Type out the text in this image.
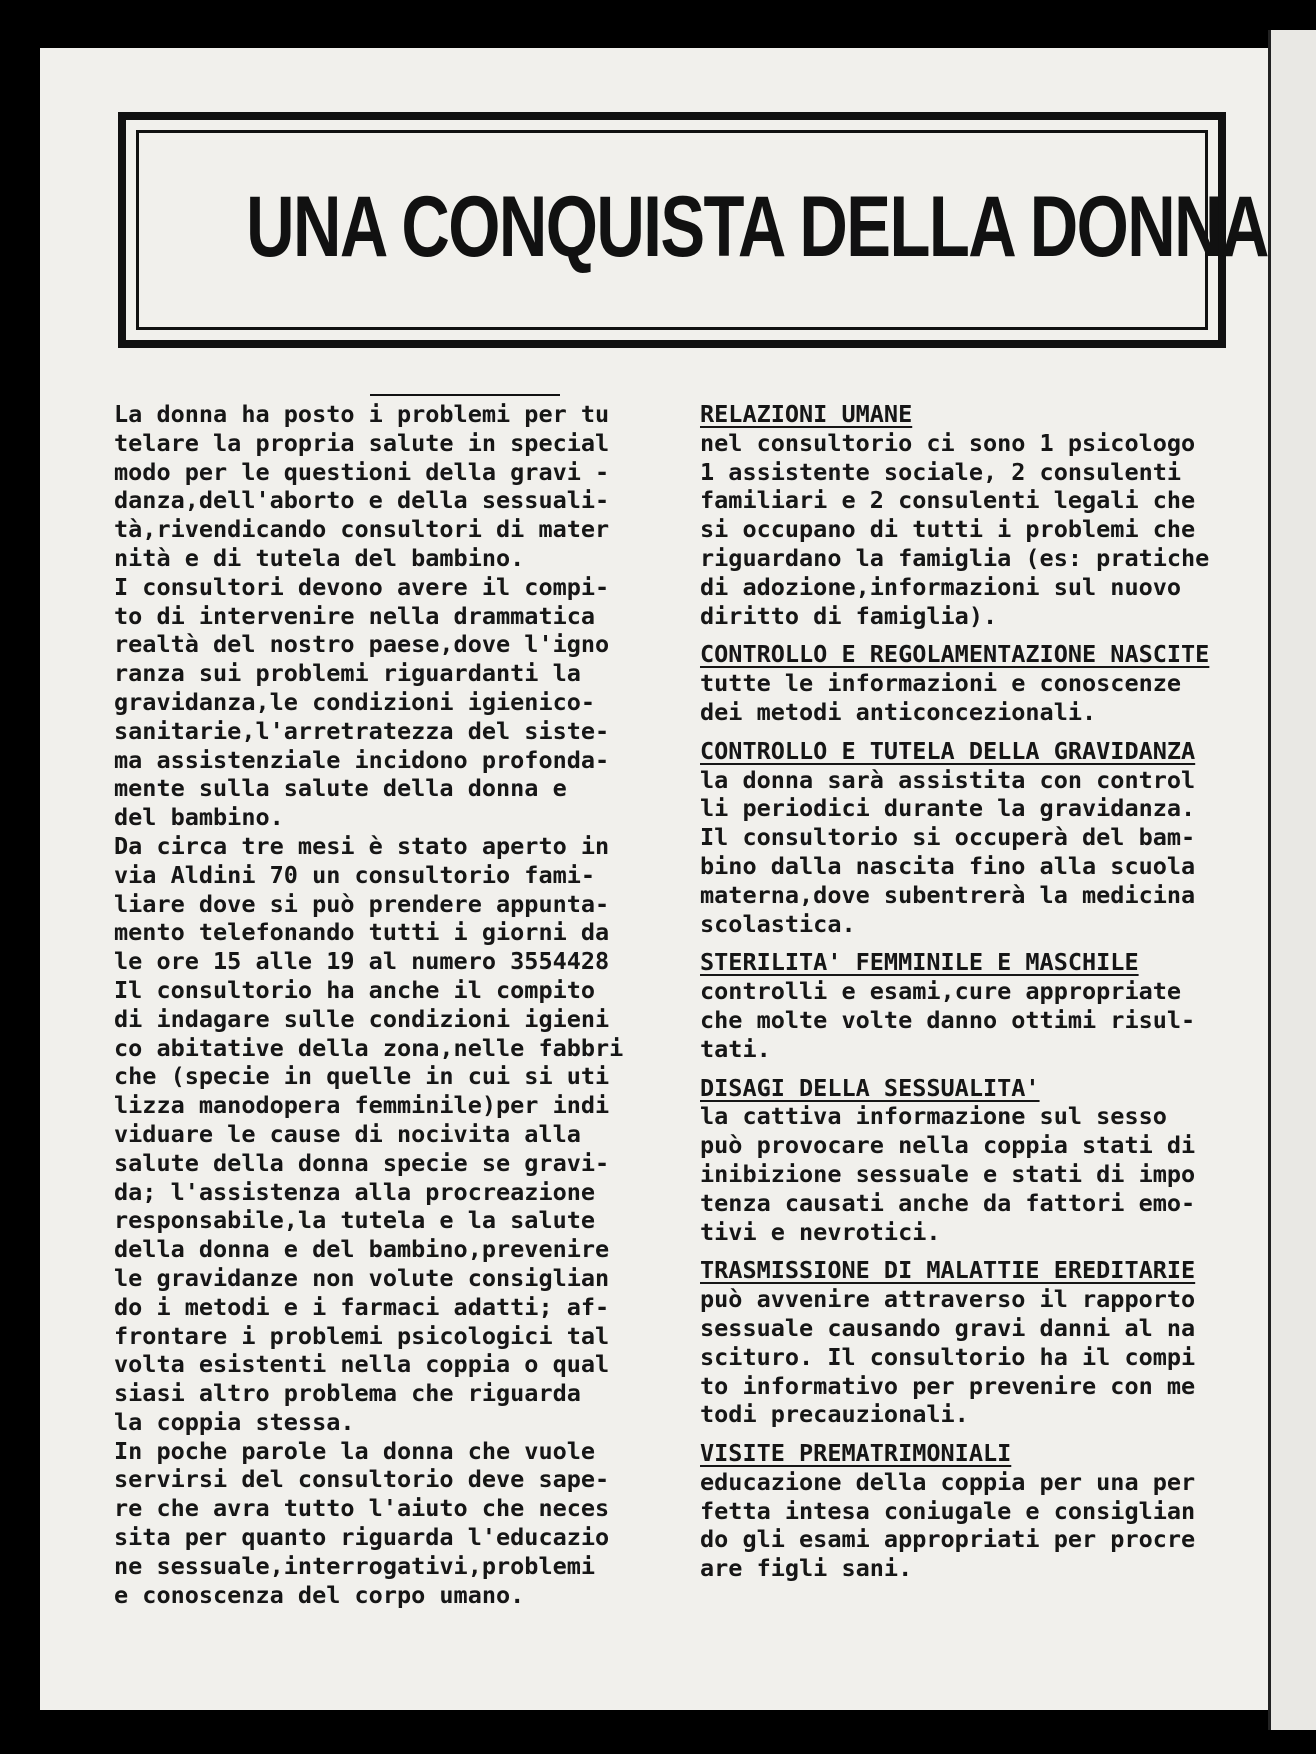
UNA CONQUISTA DELLA DONNA
La donna ha posto i problemi per tu
telare la propria salute in special
modo per le questioni della gravi -
danza,dell'aborto e della sessuali-
tà,rivendicando consultori di mater
nità e di tutela del bambino.
I consultori devono avere il compi-
to di intervenire nella drammatica
realtà del nostro paese,dove l'igno
ranza sui problemi riguardanti la
gravidanza,le condizioni igienico-
sanitarie,l'arretratezza del siste-
ma assistenziale incidono profonda-
mente sulla salute della donna e
del bambino.
Da circa tre mesi è stato aperto in
via Aldini 70 un consultorio fami-
liare dove si può prendere appunta-
mento telefonando tutti i giorni da
le ore 15 alle 19 al numero 3554428
Il consultorio ha anche il compito
di indagare sulle condizioni igieni
co abitative della zona,nelle fabbri
che (specie in quelle in cui si uti
lizza manodopera femminile)per indi
viduare le cause di nocivita alla
salute della donna specie se gravi-
da; l'assistenza alla procreazione
responsabile,la tutela e la salute
della donna e del bambino,prevenire
le gravidanze non volute consiglian
do i metodi e i farmaci adatti; af-
frontare i problemi psicologici tal
volta esistenti nella coppia o qual
siasi altro problema che riguarda
la coppia stessa.
In poche parole la donna che vuole
servirsi del consultorio deve sape-
re che avra tutto l'aiuto che neces
sita per quanto riguarda l'educazio
ne sessuale,interrogativi,problemi
e conoscenza del corpo umano.
RELAZIONI UMANE
nel consultorio ci sono 1 psicologo
1 assistente sociale, 2 consulenti
familiari e 2 consulenti legali che
si occupano di tutti i problemi che
riguardano la famiglia (es: pratiche
di adozione,informazioni sul nuovo
diritto di famiglia).
CONTROLLO E REGOLAMENTAZIONE NASCITE
tutte le informazioni e conoscenze
dei metodi anticoncezionali.
CONTROLLO E TUTELA DELLA GRAVIDANZA
la donna sarà assistita con control
li periodici durante la gravidanza.
Il consultorio si occuperà del bam-
bino dalla nascita fino alla scuola
materna,dove subentrerà la medicina
scolastica.
STERILITA' FEMMINILE E MASCHILE
controlli e esami,cure appropriate
che molte volte danno ottimi risul-
tati.
DISAGI DELLA SESSUALITA'
la cattiva informazione sul sesso
può provocare nella coppia stati di
inibizione sessuale e stati di impo
tenza causati anche da fattori emo-
tivi e nevrotici.
TRASMISSIONE DI MALATTIE EREDITARIE
può avvenire attraverso il rapporto
sessuale causando gravi danni al na
scituro. Il consultorio ha il compi
to informativo per prevenire con me
todi precauzionali.
VISITE PREMATRIMONIALI
educazione della coppia per una per
fetta intesa coniugale e consiglian
do gli esami appropriati per procre
are figli sani.
